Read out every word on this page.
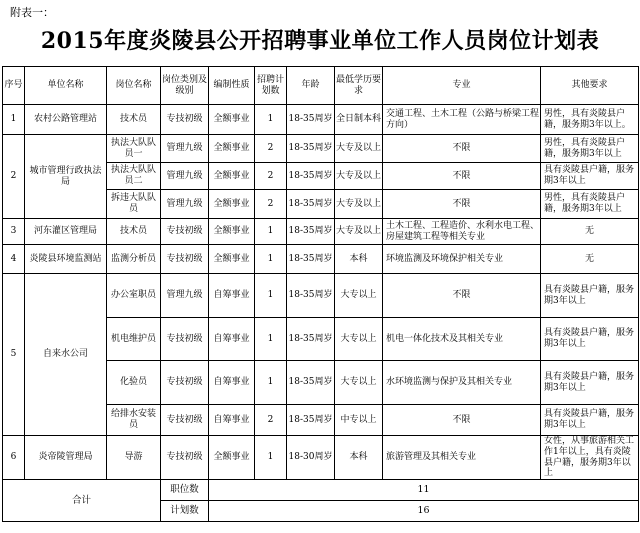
附表一：
2015年度炎陵县公开招聘事业单位工作人员岗位计划表
序号	单位名称	岗位名称	岗位类别及级别	编制性质	招聘计划数	年龄	最低学历要求	专业	其他要求
1	农村公路管理站	技术员	专技初级	全额事业	1	18-35周岁	全日制本科	交通工程、土木工程（公路与桥梁工程方向）	男性，具有炎陵县户籍，服务期3年以上。
2	城市管理行政执法局	执法大队队员一	管理九级	全额事业	2	18-35周岁	大专及以上	不限	男性，具有炎陵县户籍，服务期3年以上
		执法大队队员二	管理九级	全额事业	2	18-35周岁	大专及以上	不限	具有炎陵县户籍，服务期3年以上
		拆违大队队员	管理九级	全额事业	2	18-35周岁	大专及以上	不限	男性，具有炎陵县户籍，服务期3年以上
3	河东灌区管理局	技术员	专技初级	全额事业	1	18-35周岁	大专及以上	土木工程、工程造价、水利水电工程、房屋建筑工程等相关专业	无
4	炎陵县环境监测站	监测分析员	专技初级	全额事业	1	18-35周岁	本科	环境监测及环境保护相关专业	无
5	自来水公司	办公室职员	管理九级	自筹事业	1	18-35周岁	大专以上	不限	具有炎陵县户籍，服务期3年以上
		机电维护员	专技初级	自筹事业	1	18-35周岁	大专以上	机电一体化技术及其相关专业	具有炎陵县户籍，服务期3年以上
		化验员	专技初级	自筹事业	1	18-35周岁	大专以上	水环境监测与保护及其相关专业	具有炎陵县户籍，服务期3年以上
		给排水安装员	专技初级	自筹事业	2	18-35周岁	中专以上	不限	具有炎陵县户籍，服务期3年以上
6	炎帝陵管理局	导游	专技初级	全额事业	1	18-30周岁	本科	旅游管理及其相关专业	女性，从事旅游相关工作1年以上，具有炎陵县户籍，服务期3年以上
合计			职位数	11					
			计划数	16					
